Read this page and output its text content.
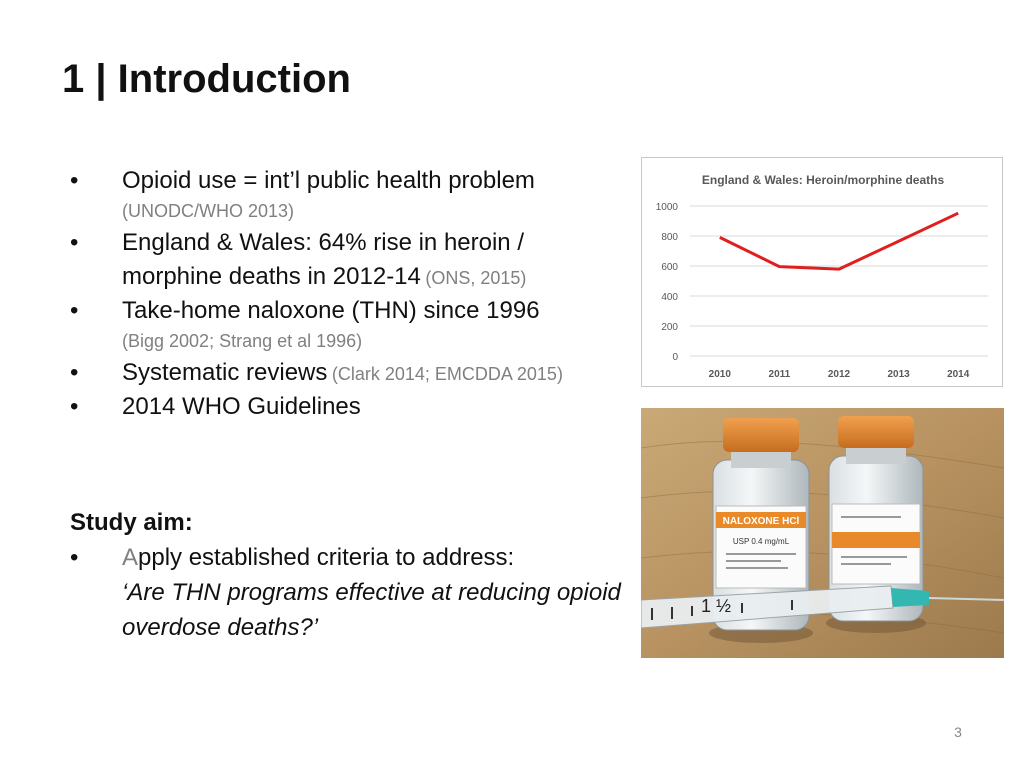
1 | Introduction
• Opioid use = int’l public health problem
(UNODC/WHO 2013)
• England & Wales: 64% rise in heroin / morphine deaths in 2012-14 (ONS, 2015)
• Take-home naloxone (THN) since 1996
(Bigg 2002; Strang et al 1996)
• Systematic reviews (Clark 2014; EMCDDA 2015)
• 2014 WHO Guidelines

Study aim:

• Apply established criteria to address:
‘Are THN programs effective at reducing opioid overdose deaths?’
England & Wales: Heroin/morphine deaths
0
200
400
600
800
1000
2010	2011	2012	2013	2014
NALOXONE HCl
USP 0.4 mg/mL
1 ½
3
